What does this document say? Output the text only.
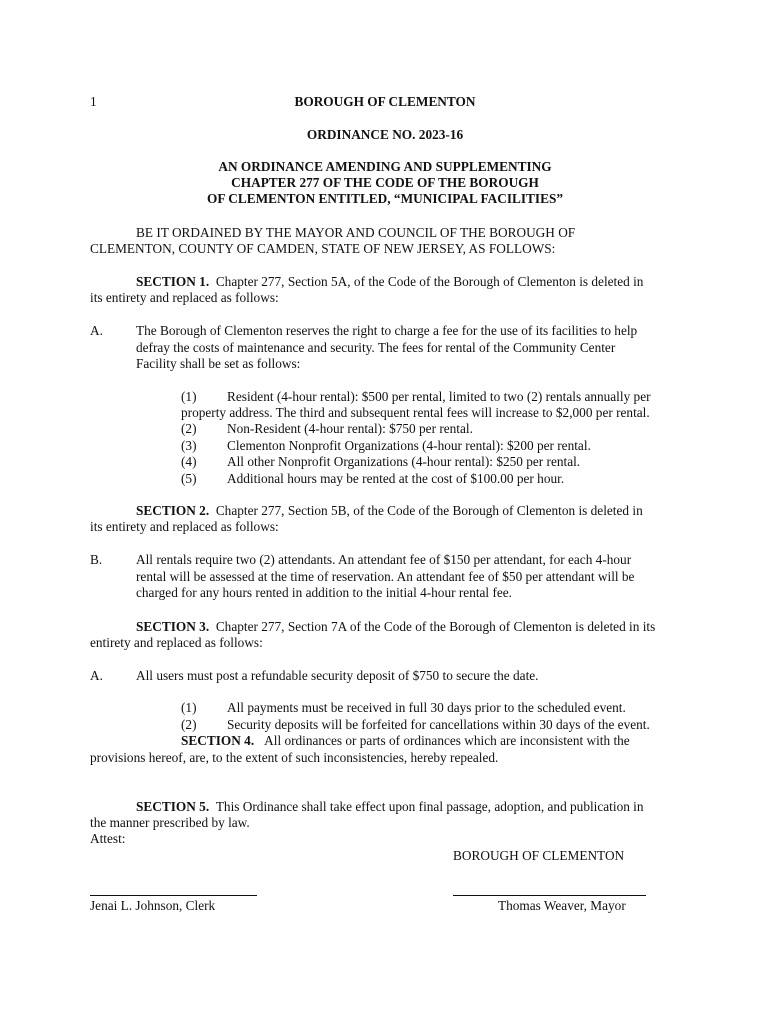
1	BOROUGH OF CLEMENTON
ORDINANCE NO. 2023-16
AN ORDINANCE AMENDING AND SUPPLEMENTING
CHAPTER 277 OF THE CODE OF THE BOROUGH
OF CLEMENTON ENTITLED, “MUNICIPAL FACILITIES”
BE IT ORDAINED BY THE MAYOR AND COUNCIL OF THE BOROUGH OF
CLEMENTON, COUNTY OF CAMDEN, STATE OF NEW JERSEY, AS FOLLOWS:
SECTION 1. Chapter 277, Section 5A, of the Code of the Borough of Clementon is deleted in
its entirety and replaced as follows:
A. The Borough of Clementon reserves the right to charge a fee for the use of its facilities to help
defray the costs of maintenance and security. The fees for rental of the Community Center
Facility shall be set as follows:
(1) Resident (4-hour rental): $500 per rental, limited to two (2) rentals annually per
property address. The third and subsequent rental fees will increase to $2,000 per rental.
(2) Non-Resident (4-hour rental): $750 per rental.
(3) Clementon Nonprofit Organizations (4-hour rental): $200 per rental.
(4) All other Nonprofit Organizations (4-hour rental): $250 per rental.
(5) Additional hours may be rented at the cost of $100.00 per hour.
SECTION 2. Chapter 277, Section 5B, of the Code of the Borough of Clementon is deleted in
its entirety and replaced as follows:
B.	All rentals require two (2) attendants. An attendant fee of $150 per attendant, for each 4-hour
rental will be assessed at the time of reservation. An attendant fee of $50 per attendant will be
charged for any hours rented in addition to the initial 4-hour rental fee.
SECTION 3. Chapter 277, Section 7A of the Code of the Borough of Clementon is deleted in its
entirety and replaced as follows:
A. All users must post a refundable security deposit of $750 to secure the date.
(1) All payments must be received in full 30 days prior to the scheduled event.
(2) Security deposits will be forfeited for cancellations within 30 days of the event.
SECTION 4. All ordinances or parts of ordinances which are inconsistent with the
provisions hereof, are, to the extent of such inconsistencies, hereby repealed.
SECTION 5. This Ordinance shall take effect upon final passage, adoption, and publication in
the manner prescribed by law.
Attest:
BOROUGH OF CLEMENTON
Jenai L. Johnson, Clerk	Thomas Weaver, Mayor
